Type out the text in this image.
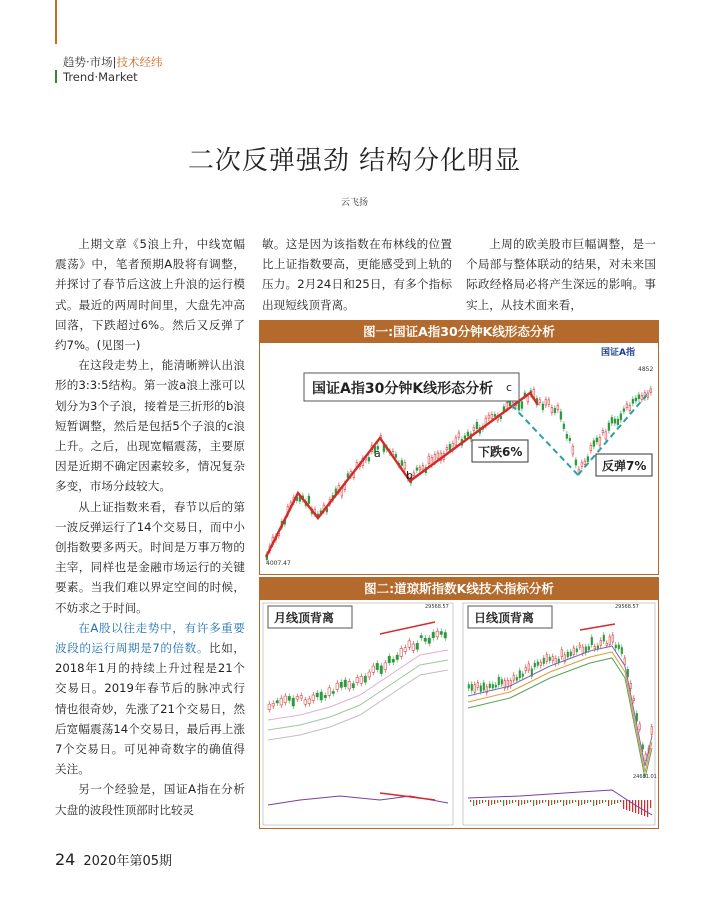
趋势·市场|技术经纬
Trend·Market
二次反弹强劲 结构分化明显
云飞扬

上期文章《5浪上升，中线宽幅震荡》中，笔者预期A股将有调整，并探讨了春节后这波上升浪的运行模式。最近的两周时间里，大盘先冲高回落，下跌超过6%。然后又反弹了约7%。(见图一)

在这段走势上，能清晰辨认出浪形的3:3:5结构。第一波a浪上涨可以划分为3个子浪，接着是三折形的b浪短暂调整，然后是包括5个子浪的c浪上升。之后，出现宽幅震荡，主要原因是近期不确定因素较多，情况复杂多变，市场分歧较大。

从上证指数来看，春节以后的第一波反弹运行了14个交易日，而中小创指数要多两天。时间是万事万物的主宰，同样也是金融市场运行的关键要素。当我们难以界定空间的时候，不妨求之于时间。

在A股以往走势中，有许多重要波段的运行周期是7的倍数。比如，2018年1月的持续上升过程是21个交易日。2019年春节后的脉冲式行情也很奇妙，先涨了21个交易日，然后宽幅震荡14个交易日，最后再上涨7个交易日。可见神奇数字的确值得关注。

另一个经验是，国证A指在分析大盘的波段性顶部时比较灵

敏。这是因为该指数在布林线的位置比上证指数要高，更能感受到上轨的压力。2月24日和25日，有多个指标出现短线顶背离。

上周的欧美股市巨幅调整，是一个局部与整体联动的结果，对未来国际政经格局必将产生深远的影响。事实上，从技术面来看，

图一:国证A指30分钟K线形态分析
国证A指30分钟K线形态分析
国证A指
a
b
c
下跌6%
反弹7%
4007.47
4852
图二:道琼斯指数K线技术指标分析
月线顶背离	日线顶背离
29568.57	29568.57
24681.01
24 2020年第05期
